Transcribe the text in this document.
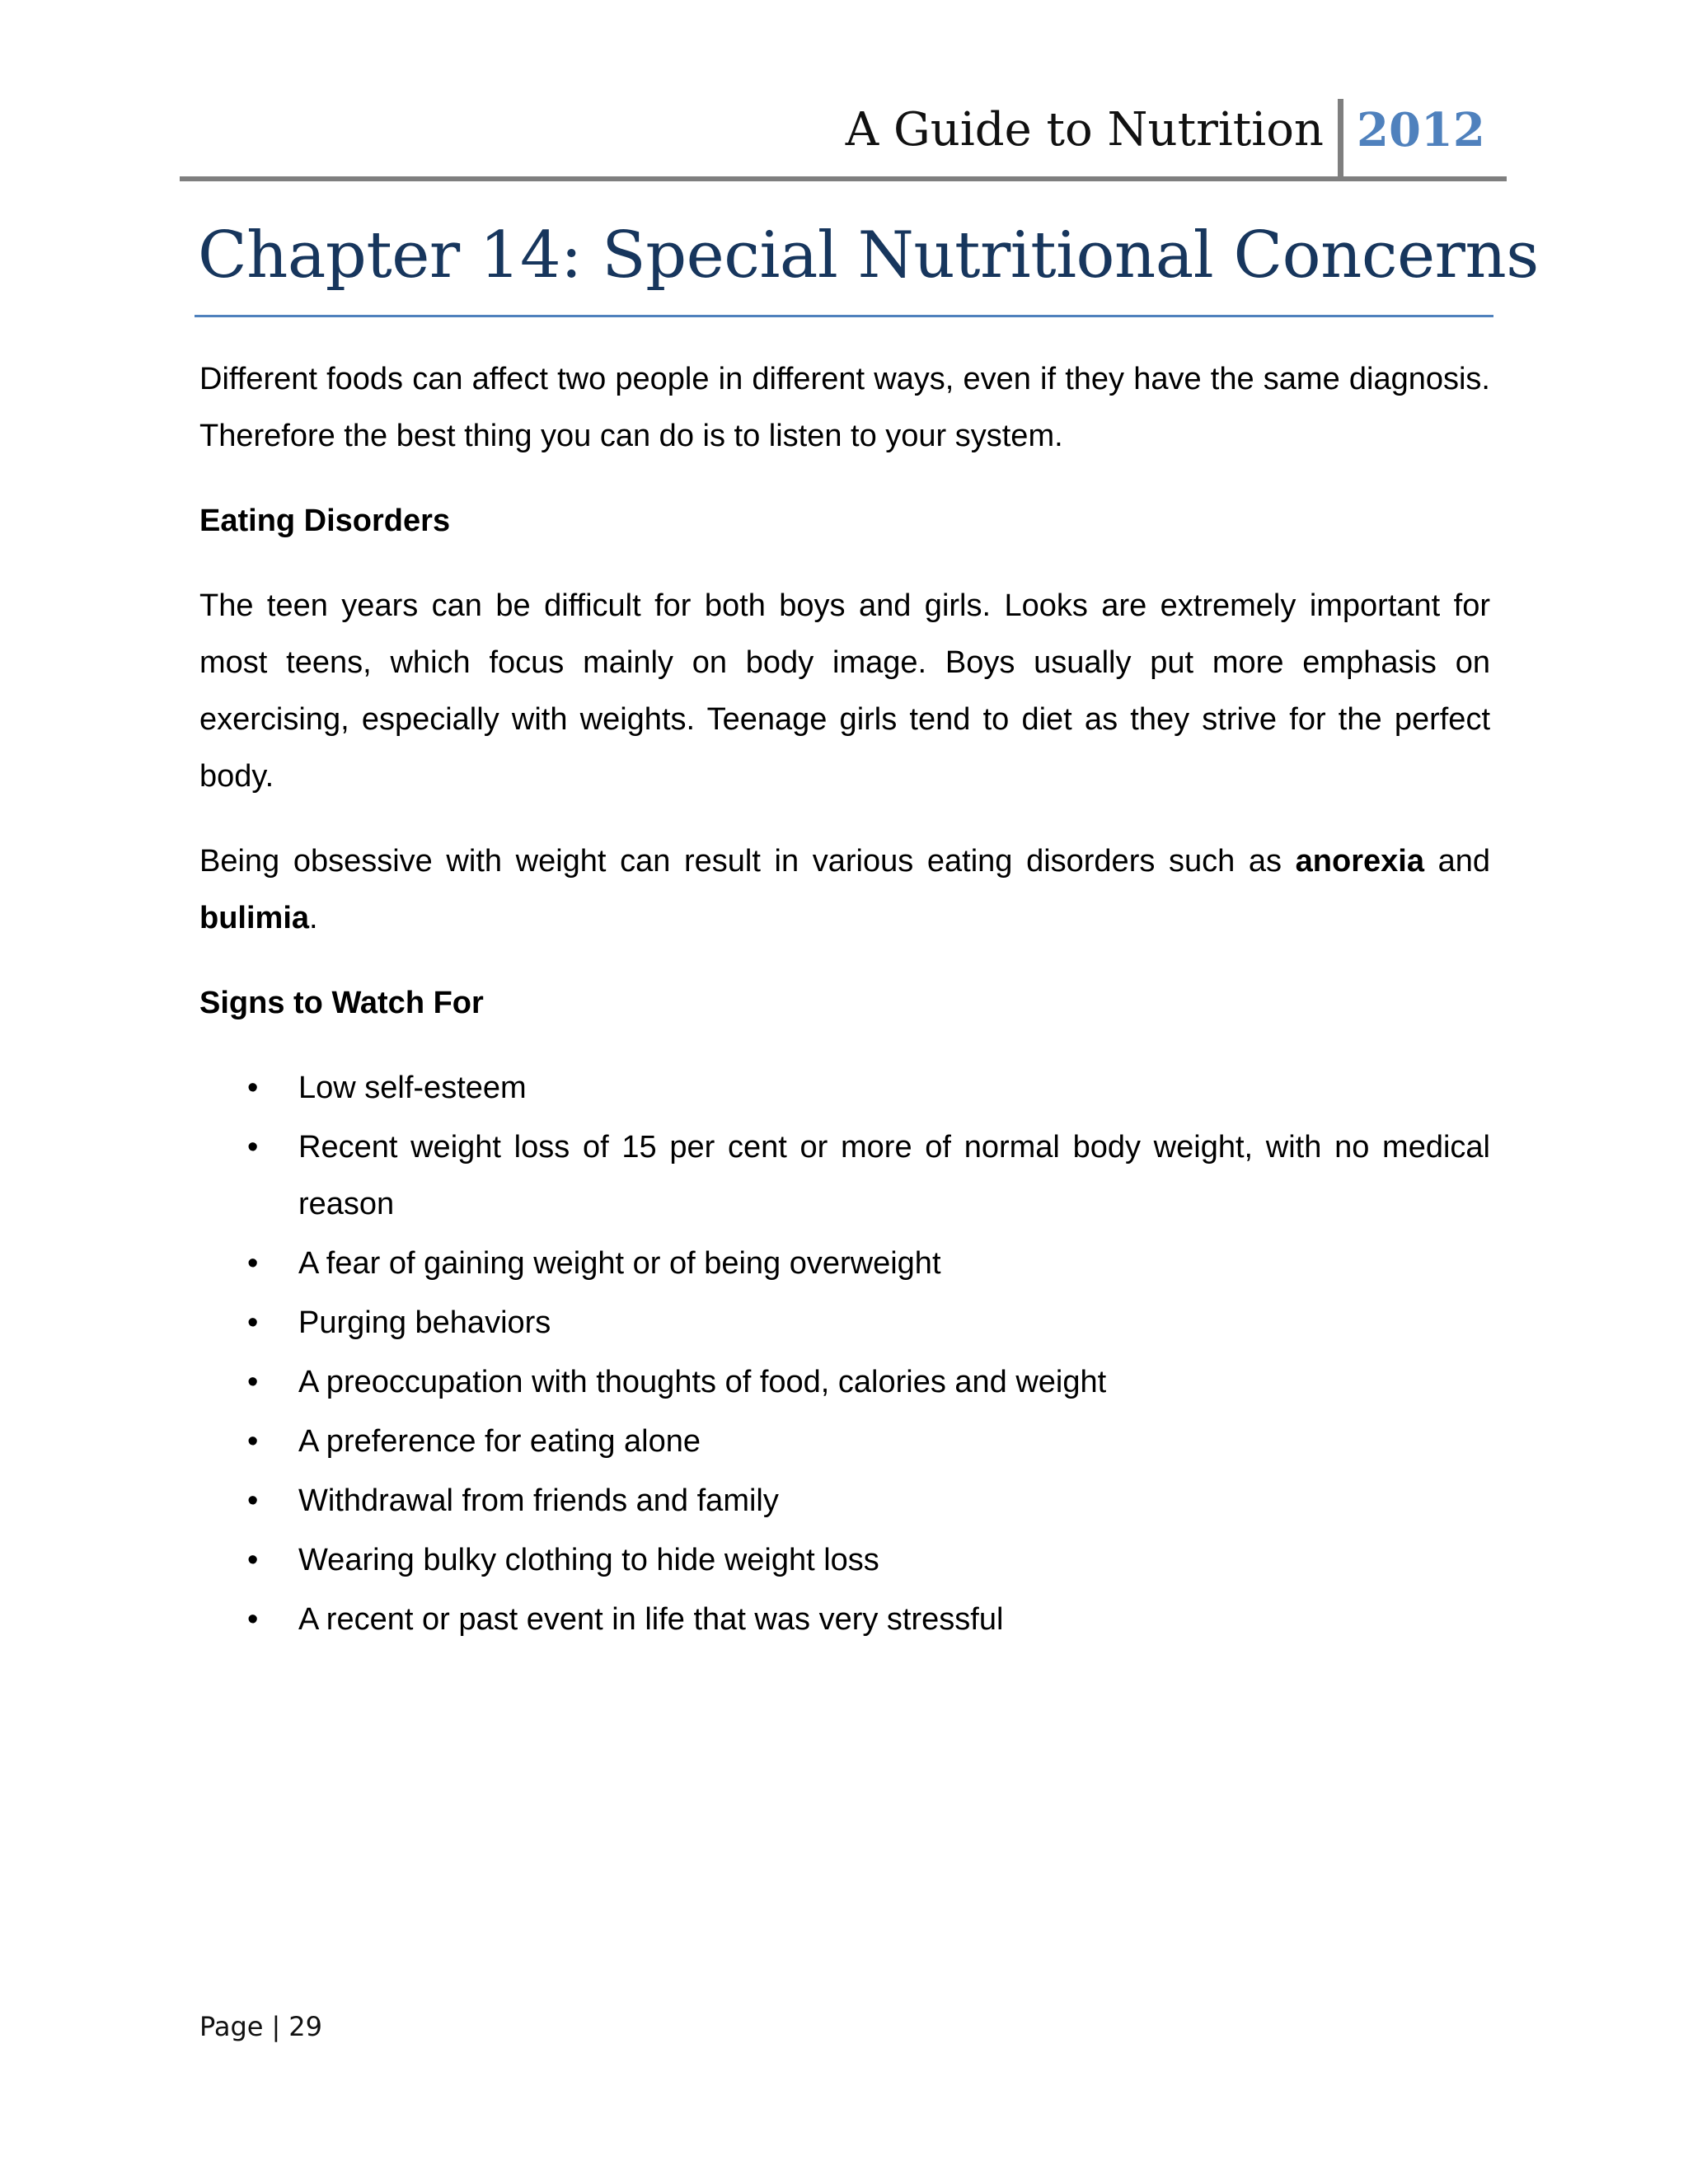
A Guide to Nutrition 2012
Chapter 14: Special Nutritional Concerns

Different foods can affect two people in different ways, even if they have the same diagnosis. Therefore the best thing you can do is to listen to your system.

Eating Disorders

The teen years can be difficult for both boys and girls. Looks are extremely important for most teens, which focus mainly on body image. Boys usually put more emphasis on exercising, especially with weights. Teenage girls tend to diet as they strive for the perfect body.

Being obsessive with weight can result in various eating disorders such as anorexia and bulimia.

Signs to Watch For

• Low self-esteem
• Recent weight loss of 15 per cent or more of normal body weight, with no medical reason
• A fear of gaining weight or of being overweight
• Purging behaviors
• A preoccupation with thoughts of food, calories and weight
• A preference for eating alone
• Withdrawal from friends and family
• Wearing bulky clothing to hide weight loss
• A recent or past event in life that was very stressful
Page | 29
